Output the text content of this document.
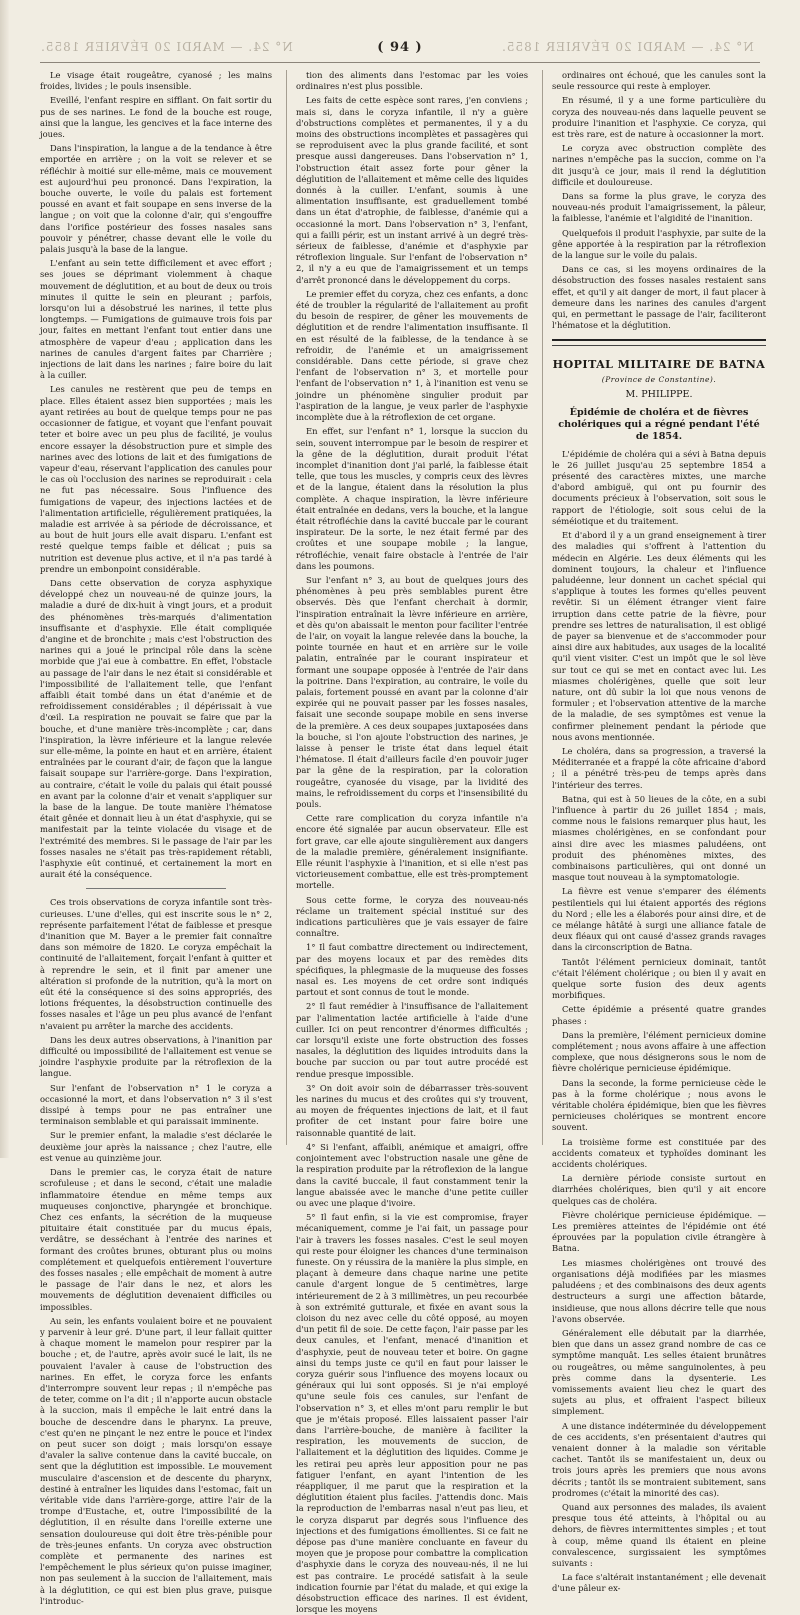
N° 24. — MARDI 20 FÉVRIER 1855.	( 94 )	N° 24. — MARDI 20 FÉVRIER 1855.

Le visage était rougeâtre, cyanosé ; les mains froides, livides ; le pouls insensible.

Eveillé, l'enfant respire en sifflant. On fait sortir du pus de ses narines. Le fond de la bouche est rouge, ainsi que la langue, les gencives et la face interne des joues.

Dans l'inspiration, la langue a de la tendance à être emportée en arrière ; on la voit se relever et se réfléchir à moitié sur elle-même, mais ce mouvement est aujourd'hui peu prononcé. Dans l'expiration, la bouche ouverte, le voile du palais est fortement poussé en avant et fait soupape en sens inverse de la langue ; on voit que la colonne d'air, qui s'engouffre dans l'orifice postérieur des fosses nasales sans pouvoir y pénétrer, chasse devant elle le voile du palais jusqu'à la base de la langue.

L'enfant au sein tette difficilement et avec effort ; ses joues se déprimant violemment à chaque mouvement de déglutition, et au bout de deux ou trois minutes il quitte le sein en pleurant ; parfois, lorsqu'on lui a désobstrué les narines, il tette plus longtemps. — Fumigations de guimauve trois fois par jour, faites en mettant l'enfant tout entier dans une atmosphère de vapeur d'eau ; application dans les narines de canules d'argent faites par Charrière ; injections de lait dans les narines ; faire boire du lait à la cuiller.

Les canules ne restèrent que peu de temps en place. Elles étaient assez bien supportées ; mais les ayant retirées au bout de quelque temps pour ne pas occasionner de fatigue, et voyant que l'enfant pouvait teter et boire avec un peu plus de facilité, je voulus encore essayer la désobstruction pure et simple des narines avec des lotions de lait et des fumigations de vapeur d'eau, réservant l'application des canules pour le cas où l'occlusion des narines se reproduirait : cela ne fut pas nécessaire. Sous l'influence des fumigations de vapeur, des injections lactées et de l'alimentation artificielle, régulièrement pratiquées, la maladie est arrivée à sa période de décroissance, et au bout de huit jours elle avait disparu. L'enfant est resté quelque temps faible et délicat ; puis sa nutrition est devenue plus active, et il n'a pas tardé à prendre un embonpoint considérable.

Dans cette observation de coryza asphyxique développé chez un nouveau-né de quinze jours, la maladie a duré de dix-huit à vingt jours, et a produit des phénomènes très-marqués d'alimentation insuffisante et d'asphyxie. Elle était compliquée d'angine et de bronchite ; mais c'est l'obstruction des narines qui a joué le principal rôle dans la scène morbide que j'ai eue à combattre. En effet, l'obstacle au passage de l'air dans le nez était si considérable et l'impossibilité de l'allaitement telle, que l'enfant affaibli était tombé dans un état d'anémie et de refroidissement considérables ; il dépérissait à vue d'œil. La respiration ne pouvait se faire que par la bouche, et d'une manière très-incomplète ; car, dans l'inspiration, la lèvre inférieure et la langue relevée sur elle-même, la pointe en haut et en arrière, étaient entraînées par le courant d'air, de façon que la langue faisait soupape sur l'arrière-gorge. Dans l'expiration, au contraire, c'était le voile du palais qui était poussé en avant par la colonne d'air et venait s'appliquer sur la base de la langue. De toute manière l'hématose était gênée et donnait lieu à un état d'asphyxie, qui se manifestait par la teinte violacée du visage et de l'extrémité des membres. Si le passage de l'air par les fosses nasales ne s'était pas très-rapidement rétabli, l'asphyxie eût continué, et certainement la mort en aurait été la conséquence.

Ces trois observations de coryza infantile sont très-curieuses. L'une d'elles, qui est inscrite sous le n° 2, représente parfaitement l'état de faiblesse et presque d'inanition que M. Bayer a le premier fait connaître dans son mémoire de 1820. Le coryza empêchait la continuité de l'allaitement, forçait l'enfant à quitter et à reprendre le sein, et il finit par amener une altération si profonde de la nutrition, qu'à la mort on eût été la conséquence si des soins appropriés, des lotions fréquentes, la désobstruction continuelle des fosses nasales et l'âge un peu plus avancé de l'enfant n'avaient pu arrêter la marche des accidents.

Dans les deux autres observations, à l'inanition par difficulté ou impossibilité de l'allaitement est venue se joindre l'asphyxie produite par la rétroflexion de la langue.

Sur l'enfant de l'observation n° 1 le coryza a occasionné la mort, et dans l'observation n° 3 il s'est dissipé à temps pour ne pas entraîner une terminaison semblable et qui paraissait imminente.

Sur le premier enfant, la maladie s'est déclarée le deuxième jour après la naissance ; chez l'autre, elle est venue au quinzième jour.

Dans le premier cas, le coryza était de nature scrofuleuse ; et dans le second, c'était une maladie inflammatoire étendue en même temps aux muqueuses conjonctive, pharyngée et bronchique. Chez ces enfants, la sécrétion de la muqueuse pituitaire était constituée par du mucus épais, verdâtre, se desséchant à l'entrée des narines et formant des croûtes brunes, obturant plus ou moins complétement et quelquefois entièrement l'ouverture des fosses nasales ; elle empêchait de moment à autre le passage de l'air dans le nez, et alors les mouvements de déglutition devenaient difficiles ou impossibles.

Au sein, les enfants voulaient boire et ne pouvaient y parvenir à leur gré. D'une part, il leur fallait quitter à chaque moment le mamelon pour respirer par la bouche ; et, de l'autre, après avoir sucé le lait, ils ne pouvaient l'avaler à cause de l'obstruction des narines. En effet, le coryza force les enfants d'interrompre souvent leur repas ; il n'empêche pas de teter, comme on l'a dit ; il n'apporte aucun obstacle à la succion, mais il empêche le lait entré dans la bouche de descendre dans le pharynx. La preuve, c'est qu'en ne pinçant le nez entre le pouce et l'index on peut sucer son doigt ; mais lorsqu'on essaye d'avaler la salive contenue dans la cavité buccale, on sent que la déglutition est impossible. Le mouvement musculaire d'ascension et de descente du pharynx, destiné à entraîner les liquides dans l'estomac, fait un véritable vide dans l'arrière-gorge, attire l'air de la trompe d'Eustache, et, outre l'impossibilité de la déglutition, il en résulte dans l'oreille externe une sensation douloureuse qui doit être très-pénible pour de très-jeunes enfants. Un coryza avec obstruction complète et permanente des narines est l'empêchement le plus sérieux qu'on puisse imaginer, non pas seulement à la succion de l'allaitement, mais à la déglutition, ce qui est bien plus grave, puisque l'introduc-

tion des aliments dans l'estomac par les voies ordinaires n'est plus possible.

Les faits de cette espèce sont rares, j'en conviens ; mais si, dans le coryza infantile, il n'y a guère d'obstructions complètes et permanentes, il y a du moins des obstructions incomplètes et passagères qui se reproduisent avec la plus grande facilité, et sont presque aussi dangereuses. Dans l'observation n° 1, l'obstruction était assez forte pour gêner la déglutition de l'allaitement et même celle des liquides donnés à la cuiller. L'enfant, soumis à une alimentation insuffisante, est graduellement tombé dans un état d'atrophie, de faiblesse, d'anémie qui a occasionné la mort. Dans l'observation n° 3, l'enfant, qui a failli périr, est un instant arrivé à un degré très-sérieux de faiblesse, d'anémie et d'asphyxie par rétroflexion linguale. Sur l'enfant de l'observation n° 2, il n'y a eu que de l'amaigrissement et un temps d'arrêt prononcé dans le développement du corps.

Le premier effet du coryza, chez ces enfants, a donc été de troubler la régularité de l'allaitement au profit du besoin de respirer, de gêner les mouvements de déglutition et de rendre l'alimentation insuffisante. Il en est résulté de la faiblesse, de la tendance à se refroidir, de l'anémie et un amaigrissement considérable. Dans cette période, si grave chez l'enfant de l'observation n° 3, et mortelle pour l'enfant de l'observation n° 1, à l'inanition est venu se joindre un phénomène singulier produit par l'aspiration de la langue, je veux parler de l'asphyxie incomplète due à la rétroflexion de cet organe.

En effet, sur l'enfant n° 1, lorsque la succion du sein, souvent interrompue par le besoin de respirer et la gêne de la déglutition, durait produit l'état incomplet d'inanition dont j'ai parlé, la faiblesse était telle, que tous les muscles, y compris ceux des lèvres et de la langue, étaient dans la résolution la plus complète. A chaque inspiration, la lèvre inférieure était entraînée en dedans, vers la bouche, et la langue était rétrofléchie dans la cavité buccale par le courant inspirateur. De la sorte, le nez était fermé par des croûtes et une soupape mobile ; la langue, rétrofléchie, venait faire obstacle à l'entrée de l'air dans les poumons.

Sur l'enfant n° 3, au bout de quelques jours des phénomènes à peu près semblables purent être observés. Dès que l'enfant cherchait à dormir, l'inspiration entraînait la lèvre inférieure en arrière, et dès qu'on abaissait le menton pour faciliter l'entrée de l'air, on voyait la langue relevée dans la bouche, la pointe tournée en haut et en arrière sur le voile palatin, entraînée par le courant inspirateur et formant une soupape opposée à l'entrée de l'air dans la poitrine. Dans l'expiration, au contraire, le voile du palais, fortement poussé en avant par la colonne d'air expirée qui ne pouvait passer par les fosses nasales, faisait une seconde soupape mobile en sens inverse de la première. A ces deux soupapes juxtaposées dans la bouche, si l'on ajoute l'obstruction des narines, je laisse à penser le triste état dans lequel était l'hématose. Il était d'ailleurs facile d'en pouvoir juger par la gêne de la respiration, par la coloration rougeâtre, cyanosée du visage, par la lividité des mains, le refroidissement du corps et l'insensibilité du pouls.

Cette rare complication du coryza infantile n'a encore été signalée par aucun observateur. Elle est fort grave, car elle ajoute singulièrement aux dangers de la maladie première, généralement insignifiante. Elle réunit l'asphyxie à l'inanition, et si elle n'est pas victorieusement combattue, elle est très-promptement mortelle.

Sous cette forme, le coryza des nouveau-nés réclame un traitement spécial institué sur des indications particulières que je vais essayer de faire connaître.

1° Il faut combattre directement ou indirectement, par des moyens locaux et par des remèdes dits spécifiques, la phlegmasie de la muqueuse des fosses nasal es. Les moyens de cet ordre sont indiqués partout et sont connus de tout le monde.

2° Il faut remédier à l'insuffisance de l'allaitement par l'alimentation lactée artificielle à l'aide d'une cuiller. Ici on peut rencontrer d'énormes difficultés ; car lorsqu'il existe une forte obstruction des fosses nasales, la déglutition des liquides introduits dans la bouche par succion ou par tout autre procédé est rendue presque impossible.

3° On doit avoir soin de débarrasser très-souvent les narines du mucus et des croûtes qui s'y trouvent, au moyen de fréquentes injections de lait, et il faut profiter de cet instant pour faire boire une raisonnable quantité de lait.

4° Si l'enfant, affaibli, anémique et amaigri, offre conjointement avec l'obstruction nasale une gêne de la respiration produite par la rétroflexion de la langue dans la cavité buccale, il faut constamment tenir la langue abaissée avec le manche d'une petite cuiller ou avec une plaque d'ivoire.

5° Il faut enfin, si la vie est compromise, frayer mécaniquement, comme je l'ai fait, un passage pour l'air à travers les fosses nasales. C'est le seul moyen qui reste pour éloigner les chances d'une terminaison funeste. On y réussira de la manière la plus simple, en plaçant à demeure dans chaque narine une petite canule d'argent longue de 5 centimètres, large intérieurement de 2 à 3 millimètres, un peu recourbée à son extrémité gutturale, et fixée en avant sous la cloison du nez avec celle du côté opposé, au moyen d'un petit fil de soie. De cette façon, l'air passe par les deux canules, et l'enfant, menacé d'inanition et d'asphyxie, peut de nouveau teter et boire. On gagne ainsi du temps juste ce qu'il en faut pour laisser le coryza guérir sous l'influence des moyens locaux ou généraux qui lui sont opposés. Si je n'ai employé qu'une seule fois ces canules, sur l'enfant de l'observation n° 3, et elles m'ont paru remplir le but que je m'étais proposé. Elles laissaient passer l'air dans l'arrière-bouche, de manière à faciliter la respiration, les mouvements de succion, de l'allaitement et la déglutition des liquides. Comme je les retirai peu après leur apposition pour ne pas fatiguer l'enfant, en ayant l'intention de les réappliquer, il me parut que la respiration et la déglutition étaient plus faciles. J'attendis donc. Mais la reproduction de l'embarras nasal n'eut pas lieu, et le coryza disparut par degrés sous l'influence des injections et des fumigations émollientes. Si ce fait ne dépose pas d'une manière concluante en faveur du moyen que je propose pour combattre la complication d'asphyxie dans le coryza des nouveau-nés, il ne lui est pas contraire. Le procédé satisfait à la seule indication fournie par l'état du malade, et qui exige la désobstruction efficace des narines. Il est évident, lorsque les moyens

ordinaires ont échoué, que les canules sont la seule ressource qui reste à employer.

En résumé, il y a une forme particulière du coryza des nouveau-nés dans laquelle peuvent se produire l'inanition et l'asphyxie. Ce coryza, qui est très rare, est de nature à occasionner la mort.

Le coryza avec obstruction complète des narines n'empêche pas la succion, comme on l'a dit jusqu'à ce jour, mais il rend la déglutition difficile et douloureuse.

Dans sa forme la plus grave, le coryza des nouveau-nés produit l'amaigrissement, la pâleur, la faiblesse, l'anémie et l'algidité de l'inanition.

Quelquefois il produit l'asphyxie, par suite de la gêne apportée à la respiration par la rétroflexion de la langue sur le voile du palais.

Dans ce cas, si les moyens ordinaires de la désobstruction des fosses nasales restaient sans effet, et qu'il y ait danger de mort, il faut placer à demeure dans les narines des canules d'argent qui, en permettant le passage de l'air, faciliteront l'hématose et la déglutition.

HOPITAL MILITAIRE DE BATNA (Province de Constantine).
M. PHILIPPE.
Épidémie de choléra et de fièvres cholériques qui a régné pendant l'été de 1854.

L'épidémie de choléra qui a sévi à Batna depuis le 26 juillet jusqu'au 25 septembre 1854 a présenté des caractères mixtes, une marche d'abord ambiguë, qui ont pu fournir des documents précieux à l'observation, soit sous le rapport de l'étiologie, soit sous celui de la séméiotique et du traitement.

Et d'abord il y a un grand enseignement à tirer des maladies qui s'offrent à l'attention du médecin en Algérie. Les deux éléments qui les dominent toujours, la chaleur et l'influence paludéenne, leur donnent un cachet spécial qui s'applique à toutes les formes qu'elles peuvent revêtir. Si un élément étranger vient faire irruption dans cette patrie de la fièvre, pour prendre ses lettres de naturalisation, il est obligé de payer sa bienvenue et de s'accommoder pour ainsi dire aux habitudes, aux usages de la localité qu'il vient visiter. C'est un impôt que le sol lève sur tout ce qui se met en contact avec lui. Les miasmes cholérigènes, quelle que soit leur nature, ont dû subir la loi que nous venons de formuler ; et l'observation attentive de la marche de la maladie, de ses symptômes est venue la confirmer pleinement pendant la période que nous avons mentionnée.

Le choléra, dans sa progression, a traversé la Méditerranée et a frappé la côte africaine d'abord ; il a pénétré très-peu de temps après dans l'intérieur des terres.

Batna, qui est à 50 lieues de la côte, en a subi l'influence à partir du 26 juillet 1854 ; mais, comme nous le faisions remarquer plus haut, les miasmes cholérigènes, en se confondant pour ainsi dire avec les miasmes paludéens, ont produit des phénomènes mixtes, des combinaisons particulières, qui ont donné un masque tout nouveau à la symptomatologie.

La fièvre est venue s'emparer des éléments pestilentiels qui lui étaient apportés des régions du Nord ; elle les a élaborés pour ainsi dire, et de ce mélange hâtâté à surgi une alliance fatale de deux fléaux qui ont causé d'assez grands ravages dans la circonscription de Batna.

Tantôt l'élément pernicieux dominait, tantôt c'était l'élément cholérique ; ou bien il y avait en quelque sorte fusion des deux agents morbifiques.

Cette épidémie a présenté quatre grandes phases :

Dans la première, l'élément pernicieux domine complétement ; nous avons affaire à une affection complexe, que nous désignerons sous le nom de fièvre cholérique pernicieuse épidémique.

Dans la seconde, la forme pernicieuse cède le pas à la forme cholérique ; nous avons le véritable choléra épidémique, bien que les fièvres pernicieuses cholériques se montrent encore souvent.

La troisième forme est constituée par des accidents comateux et typhoïdes dominant les accidents cholériques.

La dernière période consiste surtout en diarrhées cholériques, bien qu'il y ait encore quelques cas de choléra.

Fièvre cholérique pernicieuse épidémique. — Les premières atteintes de l'épidémie ont été éprouvées par la population civile étrangère à Batna.

Les miasmes cholérigènes ont trouvé des organisations déjà modifiées par les miasmes paludéens ; et des combinaisons des deux agents destructeurs a surgi une affection bâtarde, insidieuse, que nous allons décrire telle que nous l'avons observée.

Généralement elle débutait par la diarrhée, bien que dans un assez grand nombre de cas ce symptôme manquât. Les selles étaient brunâtres ou rougeâtres, ou même sanguinolentes, à peu près comme dans la dysenterie. Les vomissements avaient lieu chez le quart des sujets au plus, et offraient l'aspect bilieux simplement.

A une distance indéterminée du développement de ces accidents, s'en présentaient d'autres qui venaient donner à la maladie son véritable cachet. Tantôt ils se manifestaient un, deux ou trois jours après les premiers que nous avons décrits ; tantôt ils se montraient subitement, sans prodromes (c'était la minorité des cas).

Quand aux personnes des malades, ils avaient presque tous été atteints, à l'hôpital ou au dehors, de fièvres intermittentes simples ; et tout à coup, même quand ils étaient en pleine convalescence, surgissaient les symptômes suivants :

La face s'altérait instantanément ; elle devenait d'une pâleur ex-
